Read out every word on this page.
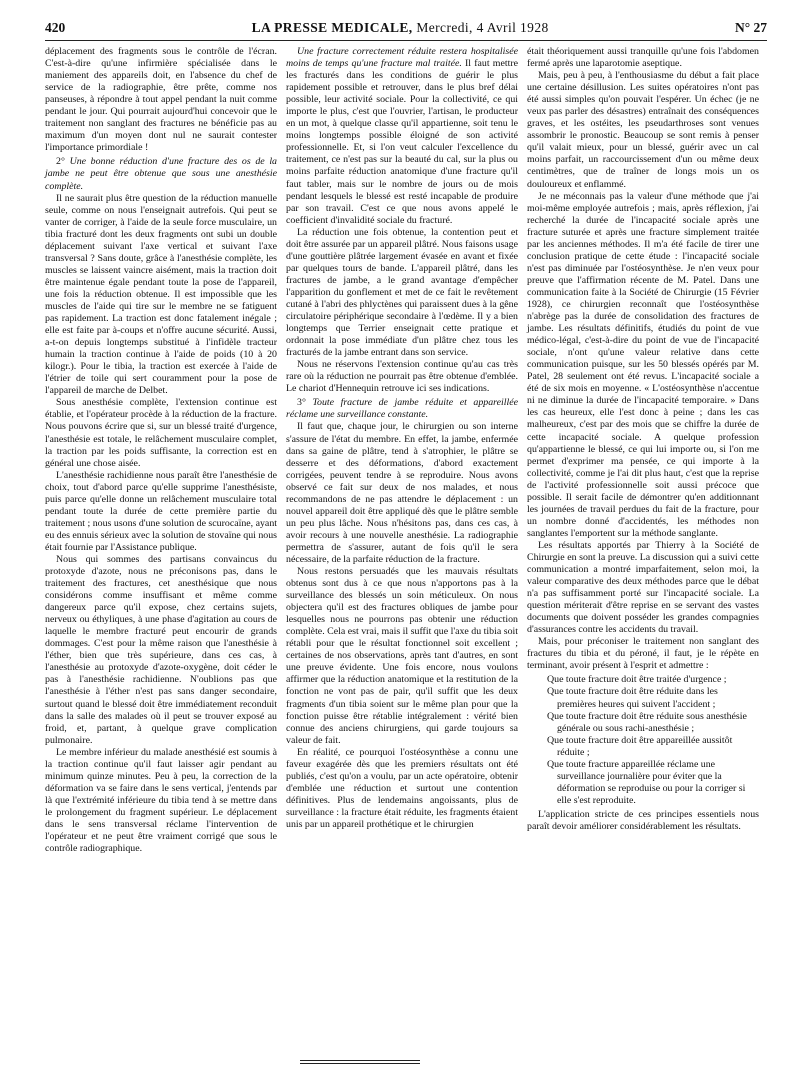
420	LA PRESSE MEDICALE, Mercredi, 4 Avril 1928	N° 27

déplacement des fragments sous le contrôle de l'écran. C'est-à-dire qu'une infirmière spécialisée dans le maniement des appareils doit, en l'absence du chef de service de la radiographie, être prête, comme nos panseuses, à répondre à tout appel pendant la nuit comme pendant le jour. Qui pourrait aujourd'hui concevoir que le traitement non sanglant des fractures ne bénéficie pas au maximum d'un moyen dont nul ne saurait contester l'importance primordiale !

2° Une bonne réduction d'une fracture des os de la jambe ne peut être obtenue que sous une anesthésie complète.

Il ne saurait plus être question de la réduction manuelle seule, comme on nous l'enseignait autrefois. Qui peut se vanter de corriger, à l'aide de la seule force musculaire, un tibia fracturé dont les deux fragments ont subi un double déplacement suivant l'axe vertical et suivant l'axe transversal ? Sans doute, grâce à l'anesthésie complète, les muscles se laissent vaincre aisément, mais la traction doit être maintenue égale pendant toute la pose de l'appareil, une fois la réduction obtenue. Il est impossible que les muscles de l'aide qui tire sur le membre ne se fatiguent pas rapidement. La traction est donc fatalement inégale ; elle est faite par à-coups et n'offre aucune sécurité. Aussi, a-t-on depuis longtemps substitué à l'infidèle tracteur humain la traction continue à l'aide de poids (10 à 20 kilogr.). Pour le tibia, la traction est exercée à l'aide de l'étrier de toile qui sert couramment pour la pose de l'appareil de marche de Delbet.

Sous anesthésie complète, l'extension continue est établie, et l'opérateur procède à la réduction de la fracture. Nous pouvons écrire que si, sur un blessé traité d'urgence, l'anesthésie est totale, le relâchement musculaire complet, la traction par les poids suffisante, la correction est en général une chose aisée.

L'anesthésie rachidienne nous paraît être l'anesthésie de choix, tout d'abord parce qu'elle supprime l'anesthésiste, puis parce qu'elle donne un relâchement musculaire total pendant toute la durée de cette première partie du traitement ; nous usons d'une solution de scurocaïne, ayant eu des ennuis sérieux avec la solution de stovaïne qui nous était fournie par l'Assistance publique.

Nous qui sommes des partisans convaincus du protoxyde d'azote, nous ne préconisons pas, dans le traitement des fractures, cet anesthésique que nous considérons comme insuffisant et même comme dangereux parce qu'il expose, chez certains sujets, nerveux ou éthyliques, à une phase d'agitation au cours de laquelle le membre fracturé peut encourir de grands dommages. C'est pour la même raison que l'anesthésie à l'éther, bien que très supérieure, dans ces cas, à l'anesthésie au protoxyde d'azote-oxygène, doit céder le pas à l'anesthésie rachidienne. N'oublions pas que l'anesthésie à l'éther n'est pas sans danger secondaire, surtout quand le blessé doit être immédiatement reconduit dans la salle des malades où il peut se trouver exposé au froid, et, partant, à quelque grave complication pulmonaire.

Le membre inférieur du malade anesthésié est soumis à la traction continue qu'il faut laisser agir pendant au minimum quinze minutes. Peu à peu, la correction de la déformation va se faire dans le sens vertical, j'entends par là que l'extrémité inférieure du tibia tend à se mettre dans le prolongement du fragment supérieur. Le déplacement dans le sens transversal réclame l'intervention de l'opérateur et ne peut être vraiment corrigé que sous le contrôle radiographique.

Une fracture correctement réduite restera hospitalisée moins de temps qu'une fracture mal traitée. Il faut mettre les fracturés dans les conditions de guérir le plus rapidement possible et retrouver, dans le plus bref délai possible, leur activité sociale. Pour la collectivité, ce qui importe le plus, c'est que l'ouvrier, l'artisan, le producteur en un mot, à quelque classe qu'il appartienne, soit tenu le moins longtemps possible éloigné de son activité professionnelle. Et, si l'on veut calculer l'excellence du traitement, ce n'est pas sur la beauté du cal, sur la plus ou moins parfaite réduction anatomique d'une fracture qu'il faut tabler, mais sur le nombre de jours ou de mois pendant lesquels le blessé est resté incapable de produire par son travail. C'est ce que nous avons appelé le coefficient d'invalidité sociale du fracturé.

La réduction une fois obtenue, la contention peut et doit être assurée par un appareil plâtré. Nous faisons usage d'une gouttière plâtrée largement évasée en avant et fixée par quelques tours de bande. L'appareil plâtré, dans les fractures de jambe, a le grand avantage d'empêcher l'apparition du gonflement et met de ce fait le revêtement cutané à l'abri des phlyctènes qui paraissent dues à la gêne circulatoire périphérique secondaire à l'œdème. Il y a bien longtemps que Terrier enseignait cette pratique et ordonnait la pose immédiate d'un plâtre chez tous les fracturés de la jambe entrant dans son service.

Nous ne réservons l'extension continue qu'au cas très rare où la réduction ne pourrait pas être obtenue d'emblée. Le chariot d'Hennequin retrouve ici ses indications.

3° Toute fracture de jambe réduite et appareillée réclame une surveillance constante.

Il faut que, chaque jour, le chirurgien ou son interne s'assure de l'état du membre. En effet, la jambe, enfermée dans sa gaine de plâtre, tend à s'atrophier, le plâtre se desserre et des déformations, d'abord exactement corrigées, peuvent tendre à se reproduire. Nous avons observé ce fait sur deux de nos malades, et nous recommandons de ne pas attendre le déplacement : un nouvel appareil doit être appliqué dès que le plâtre semble un peu plus lâche. Nous n'hésitons pas, dans ces cas, à avoir recours à une nouvelle anesthésie. La radiographie permettra de s'assurer, autant de fois qu'il le sera nécessaire, de la parfaite réduction de la fracture.

Nous restons persuadés que les mauvais résultats obtenus sont dus à ce que nous n'apportons pas à la surveillance des blessés un soin méticuleux. On nous objectera qu'il est des fractures obliques de jambe pour lesquelles nous ne pourrons pas obtenir une réduction complète. Cela est vrai, mais il suffit que l'axe du tibia soit rétabli pour que le résultat fonctionnel soit excellent ; certaines de nos observations, après tant d'autres, en sont une preuve évidente. Une fois encore, nous voulons affirmer que la réduction anatomique et la restitution de la fonction ne vont pas de pair, qu'il suffit que les deux fragments d'un tibia soient sur le même plan pour que la fonction puisse être rétablie intégralement : vérité bien connue des anciens chirurgiens, qui garde toujours sa valeur de fait.

En réalité, ce pourquoi l'ostéosynthèse a connu une faveur exagérée dès que les premiers résultats ont été publiés, c'est qu'on a voulu, par un acte opératoire, obtenir d'emblée une réduction et surtout une contention définitives. Plus de lendemains angoissants, plus de surveillance : la fracture était réduite, les fragments étaient unis par un appareil prothétique et le chirurgien

était théoriquement aussi tranquille qu'une fois l'abdomen fermé après une laparotomie aseptique.

Mais, peu à peu, à l'enthousiasme du début a fait place une certaine désillusion. Les suites opératoires n'ont pas été aussi simples qu'on pouvait l'espérer. Un échec (je ne veux pas parler des désastres) entraînait des conséquences graves, et les ostéites, les pseudarthroses sont venues assombrir le pronostic. Beaucoup se sont remis à penser qu'il valait mieux, pour un blessé, guérir avec un cal moins parfait, un raccourcissement d'un ou même deux centimètres, que de traîner de longs mois un os douloureux et enflammé.

Je ne méconnais pas la valeur d'une méthode que j'ai moi-même employée autrefois ; mais, après réflexion, j'ai recherché la durée de l'incapacité sociale après une fracture suturée et après une fracture simplement traitée par les anciennes méthodes. Il m'a été facile de tirer une conclusion pratique de cette étude : l'incapacité sociale n'est pas diminuée par l'ostéosynthèse. Je n'en veux pour preuve que l'affirmation récente de M. Patel. Dans une communication faite à la Société de Chirurgie (15 Février 1928), ce chirurgien reconnaît que l'ostéosynthèse n'abrège pas la durée de consolidation des fractures de jambe. Les résultats définitifs, étudiés du point de vue médico-légal, c'est-à-dire du point de vue de l'incapacité sociale, n'ont qu'une valeur relative dans cette communication puisque, sur les 50 blessés opérés par M. Patel, 28 seulement ont été revus. L'incapacité sociale a été de six mois en moyenne. « L'ostéosynthèse n'accentue ni ne diminue la durée de l'incapacité temporaire. » Dans les cas heureux, elle l'est donc à peine ; dans les cas malheureux, c'est par des mois que se chiffre la durée de cette incapacité sociale. A quelque profession qu'appartienne le blessé, ce qui lui importe ou, si l'on me permet d'exprimer ma pensée, ce qui importe à la collectivité, comme je l'ai dit plus haut, c'est que la reprise de l'activité professionnelle soit aussi précoce que possible. Il serait facile de démontrer qu'en additionnant les journées de travail perdues du fait de la fracture, pour un nombre donné d'accidentés, les méthodes non sanglantes l'emportent sur la méthode sanglante.

Les résultats apportés par Thierry à la Société de Chirurgie en sont la preuve. La discussion qui a suivi cette communication a montré imparfaitement, selon moi, la valeur comparative des deux méthodes parce que le débat n'a pas suffisamment porté sur l'incapacité sociale. La question mériterait d'être reprise en se servant des vastes documents que doivent posséder les grandes compagnies d'assurances contre les accidents du travail.

Mais, pour préconiser le traitement non sanglant des fractures du tibia et du péroné, il faut, je le répète en terminant, avoir présent à l'esprit et admettre :

Que toute fracture doit être traitée d'urgence ;
Que toute fracture doit être réduite dans les premières heures qui suivent l'accident ;
Que toute fracture doit être réduite sous anesthésie générale ou sous rachi-anesthésie ;
Que toute fracture doit être appareillée aussitôt réduite ;
Que toute fracture appareillée réclame une surveillance journalière pour éviter que la déformation se reproduise ou pour la corriger si elle s'est reproduite.

L'application stricte de ces principes essentiels nous paraît devoir améliorer considérablement les résultats.
